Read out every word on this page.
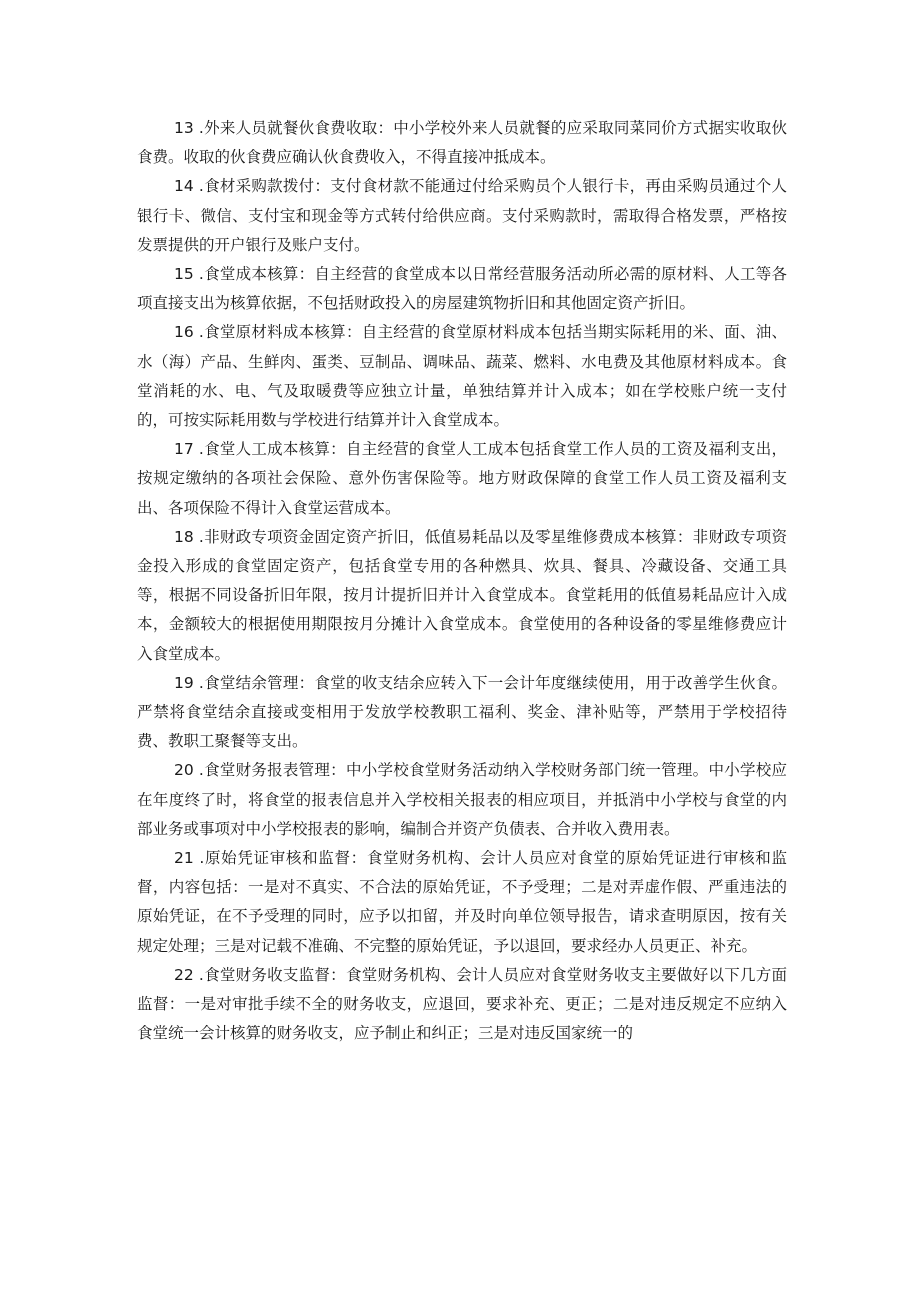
13 .外来人员就餐伙食费收取：中小学校外来人员就餐的应采取同菜同价方式据实收取伙食费。收取的伙食费应确认伙食费收入，不得直接冲抵成本。

14 .食材采购款拨付：支付食材款不能通过付给采购员个人银行卡，再由采购员通过个人银行卡、微信、支付宝和现金等方式转付给供应商。支付采购款时，需取得合格发票，严格按发票提供的开户银行及账户支付。

15 .食堂成本核算：自主经营的食堂成本以日常经营服务活动所必需的原材料、人工等各项直接支出为核算依据，不包括财政投入的房屋建筑物折旧和其他固定资产折旧。

16 .食堂原材料成本核算：自主经营的食堂原材料成本包括当期实际耗用的米、面、油、水（海）产品、生鲜肉、蛋类、豆制品、调味品、蔬菜、燃料、水电费及其他原材料成本。食堂消耗的水、电、气及取暖费等应独立计量，单独结算并计入成本；如在学校账户统一支付的，可按实际耗用数与学校进行结算并计入食堂成本。

17 .食堂人工成本核算：自主经营的食堂人工成本包括食堂工作人员的工资及福利支出，按规定缴纳的各项社会保险、意外伤害保险等。地方财政保障的食堂工作人员工资及福利支出、各项保险不得计入食堂运营成本。

18 .非财政专项资金固定资产折旧，低值易耗品以及零星维修费成本核算：非财政专项资金投入形成的食堂固定资产，包括食堂专用的各种燃具、炊具、餐具、冷藏设备、交通工具等，根据不同设备折旧年限，按月计提折旧并计入食堂成本。食堂耗用的低值易耗品应计入成本，金额较大的根据使用期限按月分摊计入食堂成本。食堂使用的各种设备的零星维修费应计入食堂成本。

19 .食堂结余管理：食堂的收支结余应转入下一会计年度继续使用，用于改善学生伙食。严禁将食堂结余直接或变相用于发放学校教职工福利、奖金、津补贴等，严禁用于学校招待费、教职工聚餐等支出。

20 .食堂财务报表管理：中小学校食堂财务活动纳入学校财务部门统一管理。中小学校应在年度终了时，将食堂的报表信息并入学校相关报表的相应项目，并抵消中小学校与食堂的内部业务或事项对中小学校报表的影响，编制合并资产负债表、合并收入费用表。

21 .原始凭证审核和监督：食堂财务机构、会计人员应对食堂的原始凭证进行审核和监督，内容包括：一是对不真实、不合法的原始凭证，不予受理；二是对弄虚作假、严重违法的原始凭证，在不予受理的同时，应予以扣留，并及时向单位领导报告，请求查明原因，按有关规定处理；三是对记载不准确、不完整的原始凭证，予以退回，要求经办人员更正、补充。

22 .食堂财务收支监督：食堂财务机构、会计人员应对食堂财务收支主要做好以下几方面监督：一是对审批手续不全的财务收支，应退回，要求补充、更正；二是对违反规定不应纳入食堂统一会计核算的财务收支，应予制止和纠正；三是对违反国家统一的
